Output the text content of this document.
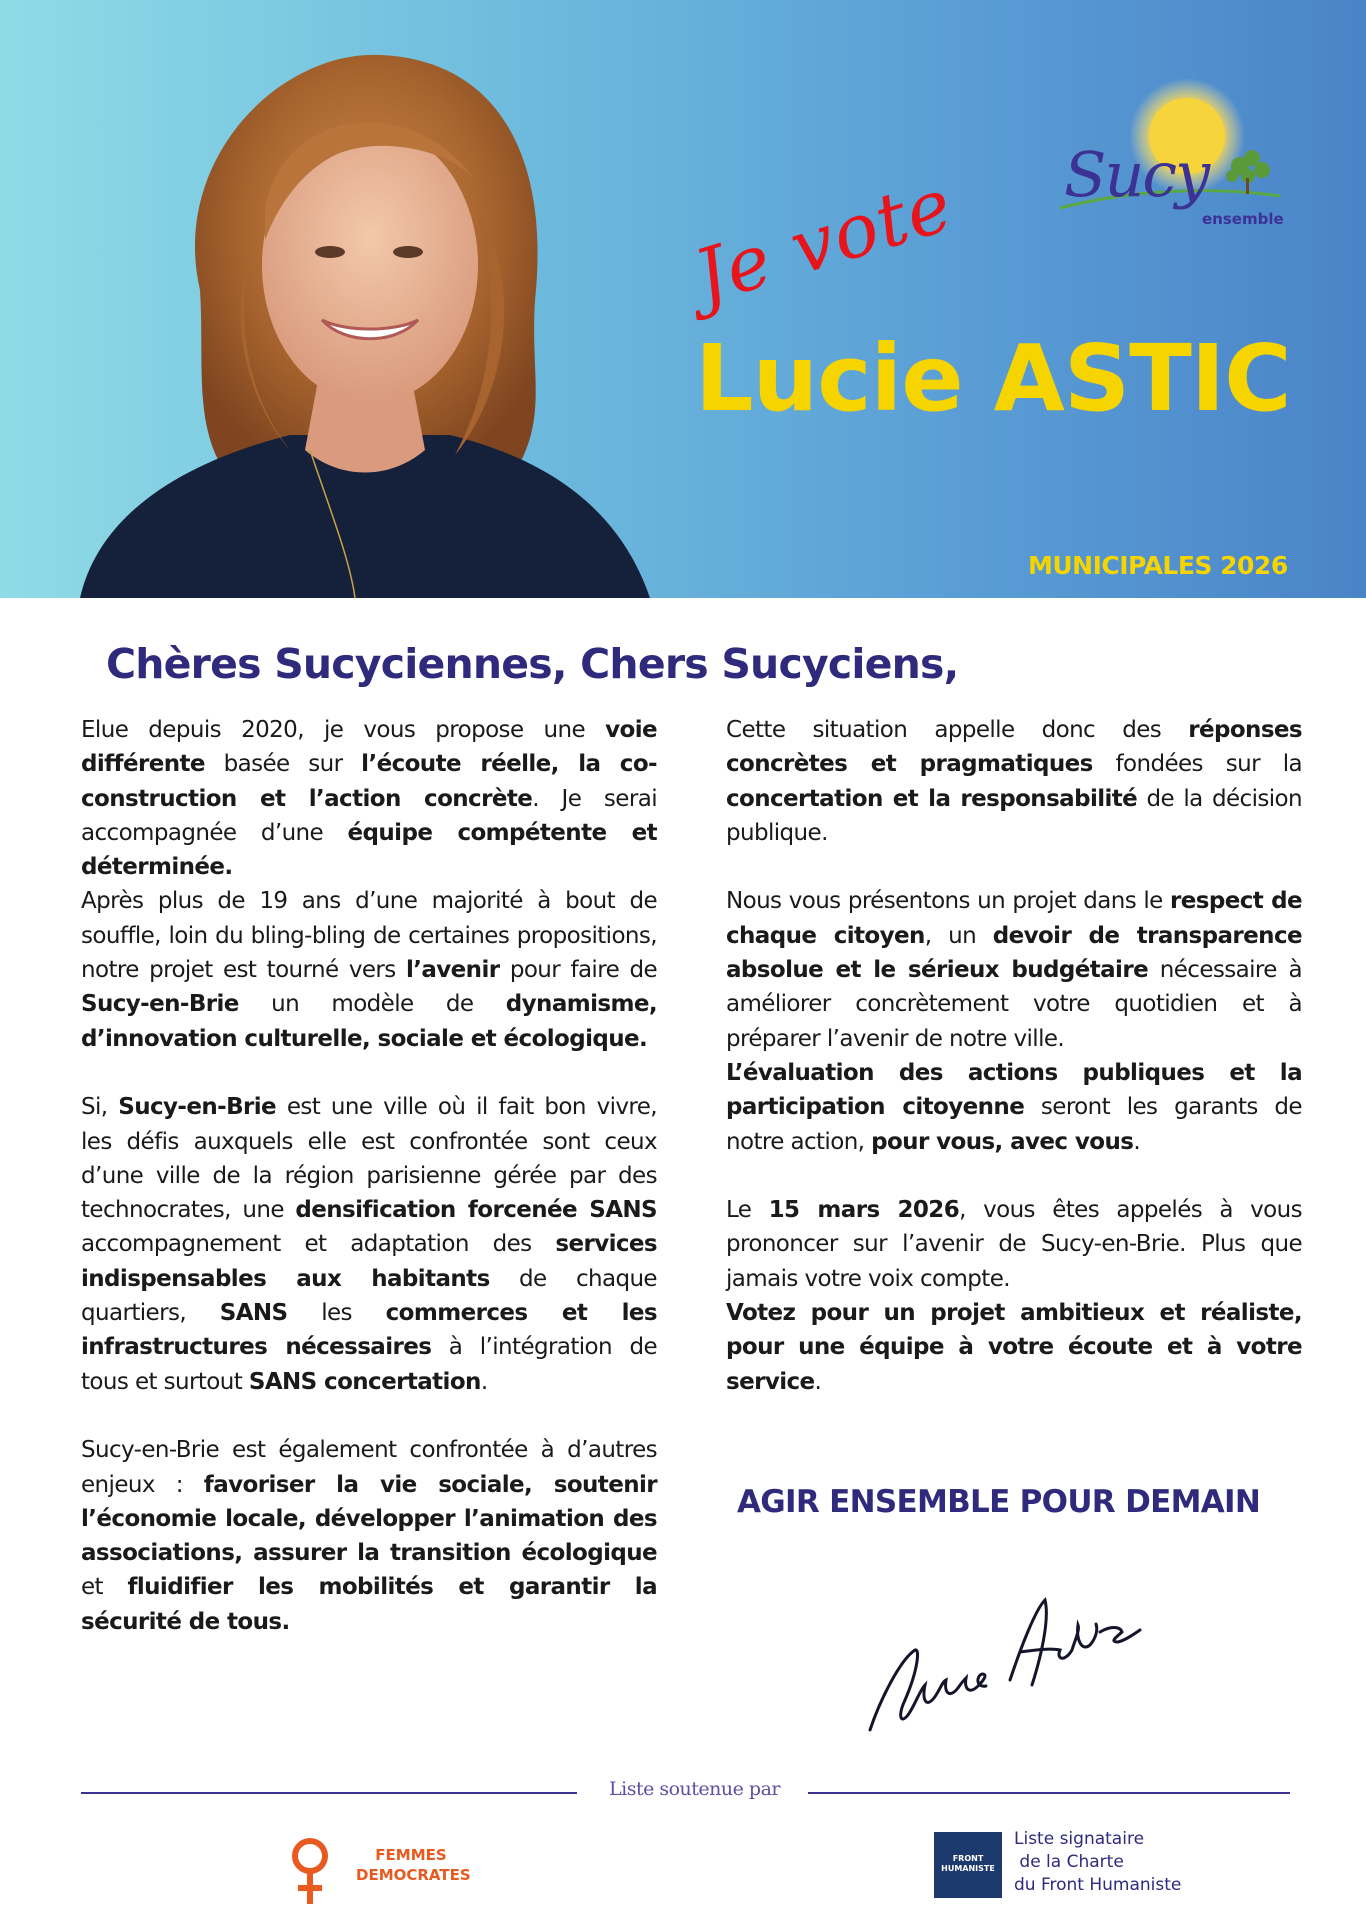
Sucy
ensemble
Je vote
Lucie ASTIC
MUNICIPALES 2026
Chères Sucyciennes, Chers Sucyciens,

Elue depuis 2020, je vous propose une voie différente basée sur l’écoute réelle, la co-construction et l’action concrète. Je serai accompagnée d’une équipe compétente et déterminée.

Après plus de 19 ans d’une majorité à bout de souffle, loin du bling-bling de certaines propositions, notre projet est tourné vers l’avenir pour faire de Sucy-en-Brie un modèle de dynamisme, d’innovation culturelle, sociale et écologique.

Si, Sucy-en-Brie est une ville où il fait bon vivre, les défis auxquels elle est confrontée sont ceux d’une ville de la région parisienne gérée par des technocrates, une densification forcenée SANS accompagnement et adaptation des services indispensables aux habitants de chaque quartiers, SANS les commerces et les infrastructures nécessaires à l’intégration de tous et surtout SANS concertation.

Sucy-en-Brie est également confrontée à d’autres enjeux : favoriser la vie sociale, soutenir l’économie locale, développer l’animation des associations, assurer la transition écologique et fluidifier les mobilités et garantir la sécurité de tous.

Cette situation appelle donc des réponses concrètes et pragmatiques fondées sur la concertation et la responsabilité de la décision publique.

Nous vous présentons un projet dans le respect de chaque citoyen, un devoir de transparence absolue et le sérieux budgétaire nécessaire à améliorer concrètement votre quotidien et à préparer l’avenir de notre ville.

L’évaluation des actions publiques et la participation citoyenne seront les garants de notre action, pour vous, avec vous.

Le 15 mars 2026, vous êtes appelés à vous prononcer sur l’avenir de Sucy-en-Brie. Plus que jamais votre voix compte.

Votez pour un projet ambitieux et réaliste, pour une équipe à votre écoute et à votre service.

AGIR ENSEMBLE POUR DEMAIN
Liste soutenue par
FEMMES
DEMOCRATES
FRONT
HUMANISTE
Liste signataire
de la Charte
du Front Humaniste
